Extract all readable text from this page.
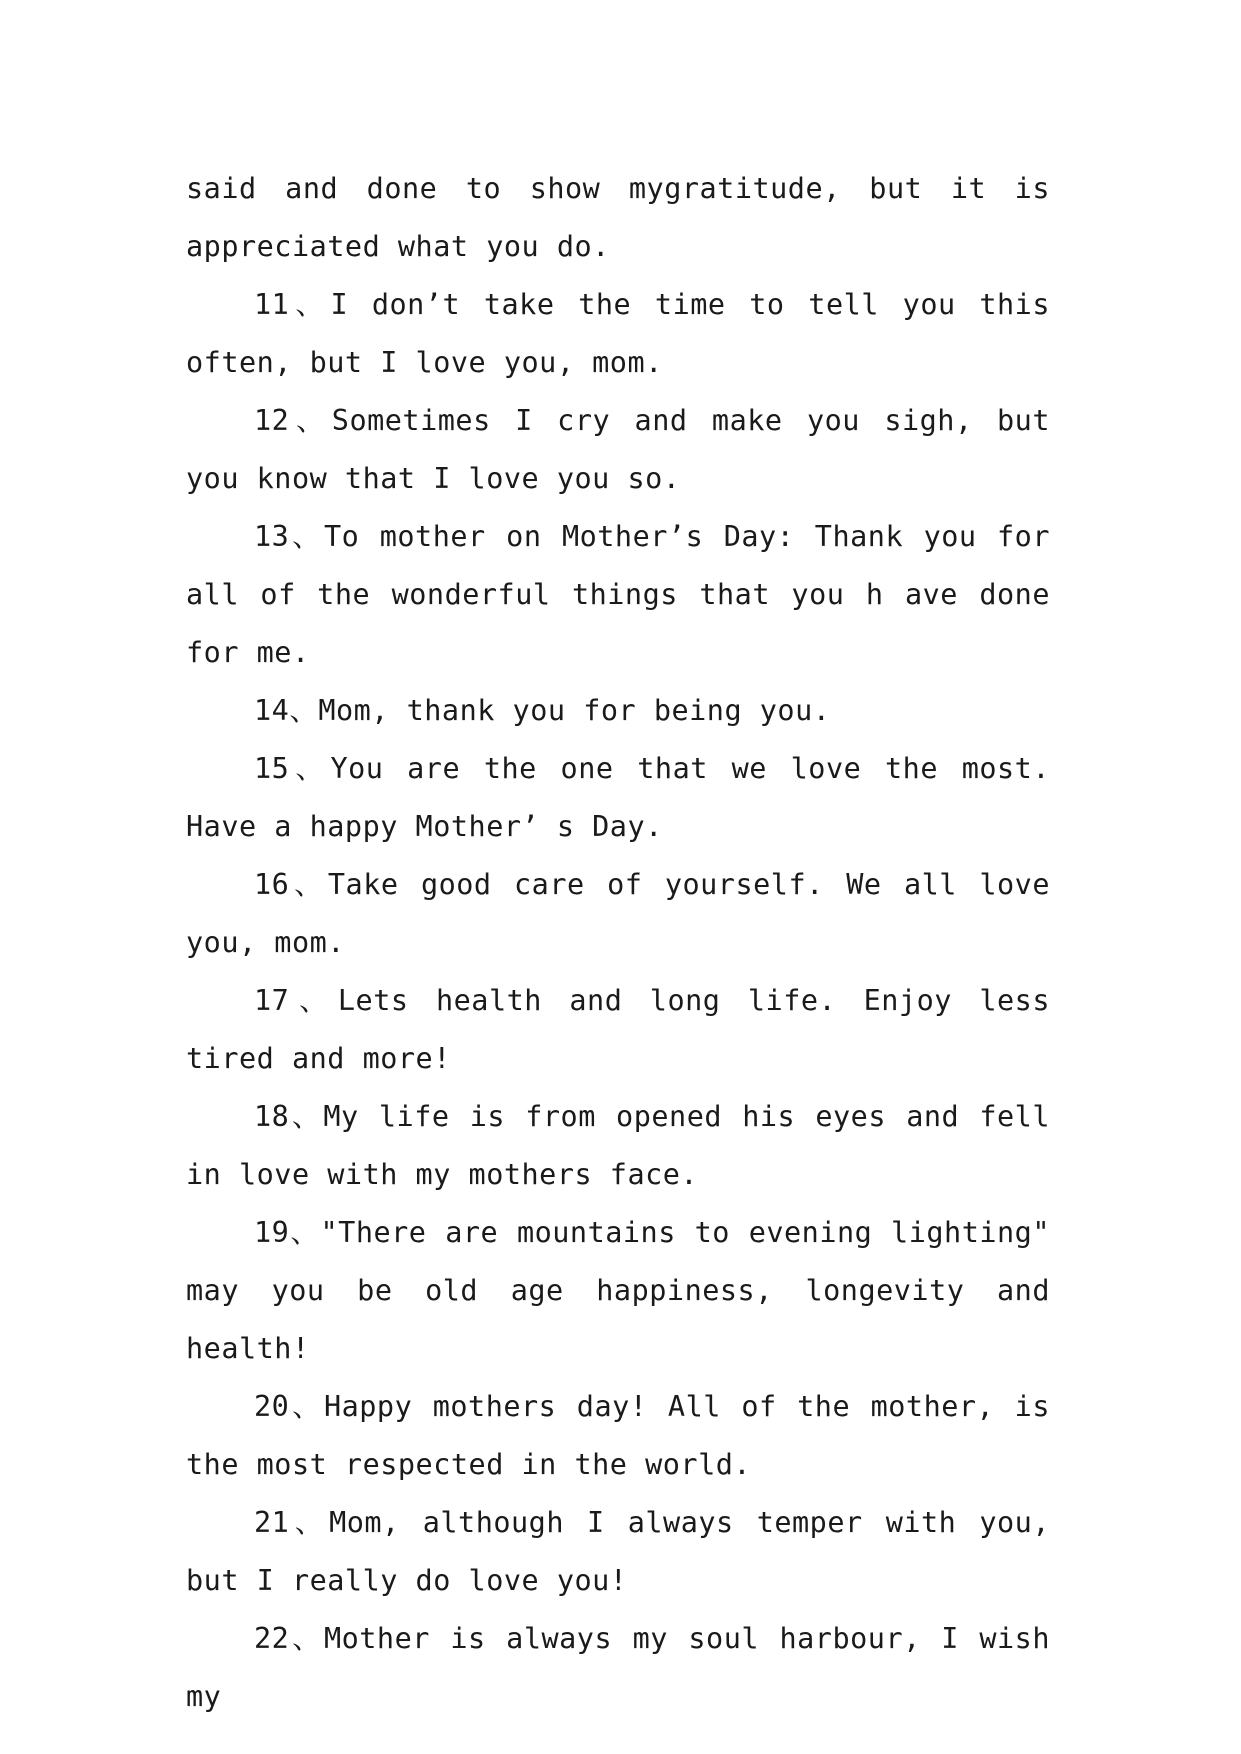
said and done to show mygratitude, but it is appreciated what you do.

11、I don’t take the time to tell you this often, but I love you, mom.

12、Sometimes I cry and make you sigh, but you know that I love you so.

13、To mother on Mother’s Day: Thank you for all of the wonderful things that you h ave done for me.

14、Mom, thank you for being you.

15、You are the one that we love the most. Have a happy Mother’ s Day.

16、Take good care of yourself. We all love you, mom.

17、Lets health and long life. Enjoy less tired and more!

18、My life is from opened his eyes and fell in love with my mothers face.

19、"There are mountains to evening lighting" may you be old age happiness, longevity and health!

20、Happy mothers day! All of the mother, is the most respected in the world.

21、Mom, although I always temper with you, but I really do love you!

22、Mother is always my soul harbour, I wish my
